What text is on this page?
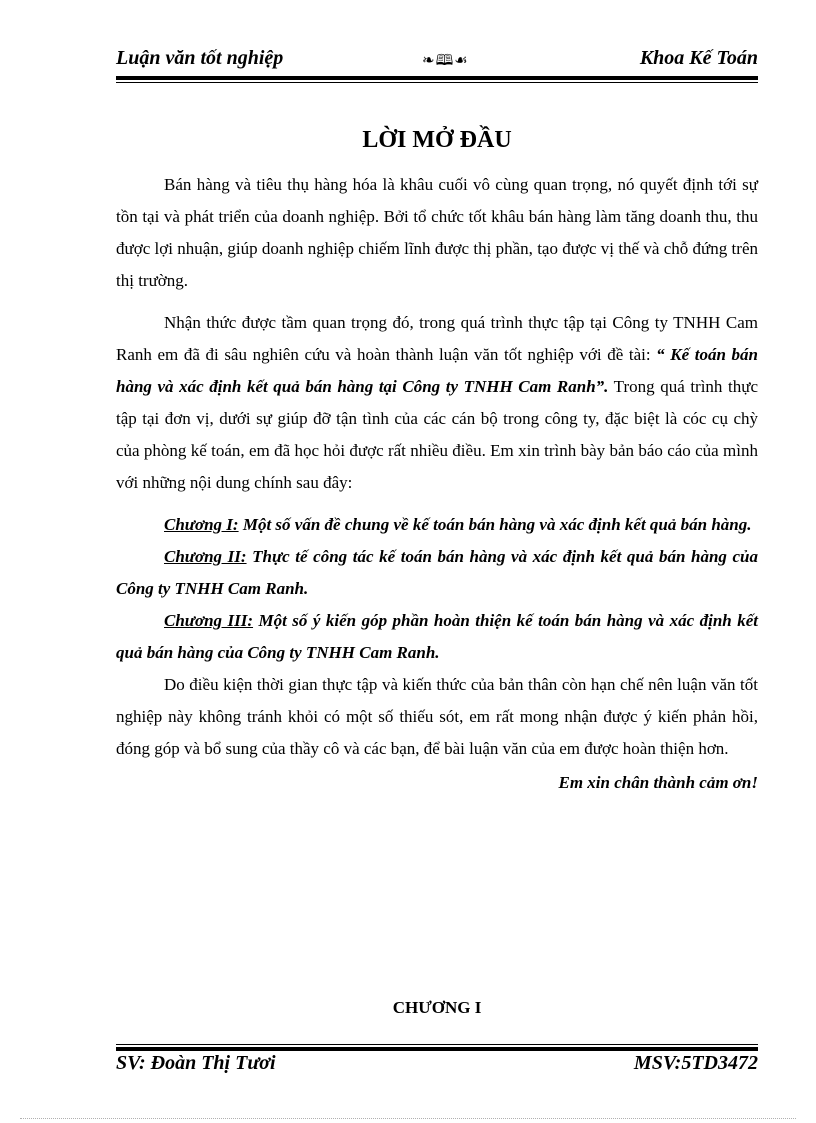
Luận văn tốt nghiệp	❧🕮☙	Khoa Kế Toán
LỜI MỞ ĐẦU

Bán hàng và tiêu thụ hàng hóa là khâu cuối vô cùng quan trọng, nó quyết định tới sự tồn tại và phát triển của doanh nghiệp. Bởi tổ chức tốt khâu bán hàng làm tăng doanh thu, thu được lợi nhuận, giúp doanh nghiệp chiếm lĩnh được thị phần, tạo được vị thế và chỗ đứng trên thị trường.

Nhận thức được tầm quan trọng đó, trong quá trình thực tập tại Công ty TNHH Cam Ranh em đã đi sâu nghiên cứu và hoàn thành luận văn tốt nghiệp với đề tài: “ Kế toán bán hàng và xác định kết quả bán hàng tại Công ty TNHH Cam Ranh”. Trong quá trình thực tập tại đơn vị, dưới sự giúp đỡ tận tình của các cán bộ trong công ty, đặc biệt là cóc cụ chỳ của phòng kế toán, em đã học hỏi được rất nhiều điều. Em xin trình bày bản báo cáo của mình với những nội dung chính sau đây:

Chương I: Một số vấn đề chung về kế toán bán hàng và xác định kết quả bán hàng.

Chương II: Thực tế công tác kế toán bán hàng và xác định kết quả bán hàng của Công ty TNHH Cam Ranh.

Chương III: Một số ý kiến góp phần hoàn thiện kế toán bán hàng và xác định kết quả bán hàng của Công ty TNHH Cam Ranh.

Do điều kiện thời gian thực tập và kiến thức của bản thân còn hạn chế nên luận văn tốt nghiệp này không tránh khỏi có một số thiếu sót, em rất mong nhận được ý kiến phản hồi, đóng góp và bổ sung của thầy cô và các bạn, để bài luận văn của em được hoàn thiện hơn.

Em xin chân thành cảm ơn!

CHƯƠNG I
SV: Đoàn Thị Tươi	MSV:5TD3472
